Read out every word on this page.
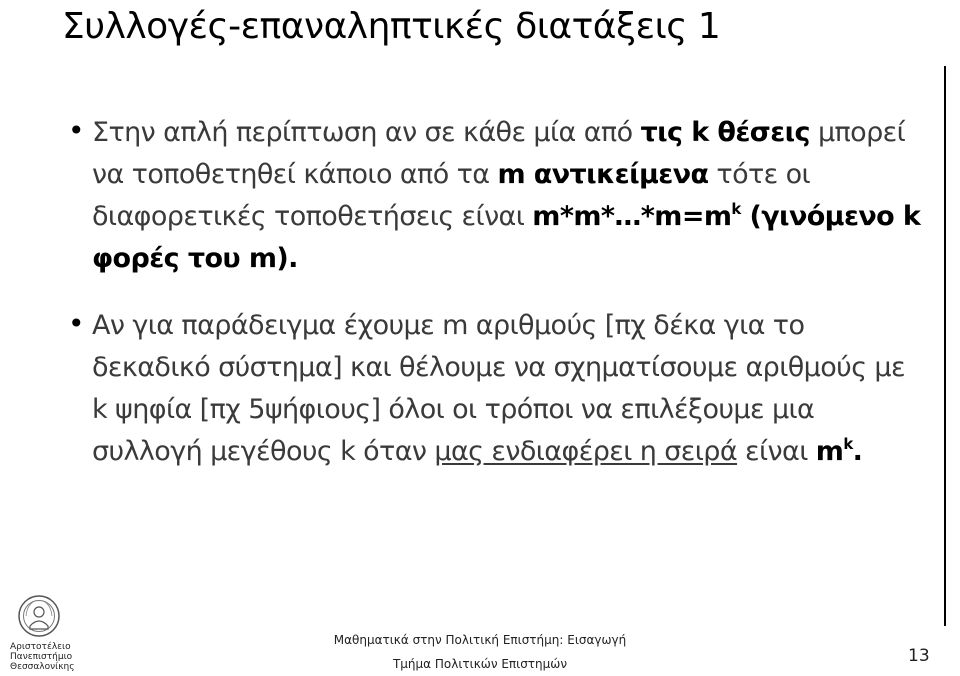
Συλλογές-επαναληπτικές διατάξεις 1
• Στην απλή περίπτωση αν σε κάθε μία από τις k θέσεις μπορεί να τοποθετηθεί κάποιο από τα m αντικείμενα τότε οι διαφορετικές τοποθετήσεις είναι $m*m*\dots*m=m^k$ (γινόμενο k φορές του m).

• Αν για παράδειγμα έχουμε m αριθμούς [πχ δέκα για το δεκαδικό σύστημα] και θέλουμε να σχηματίσουμε αριθμούς με k ψηφία [πχ 5ψήφιους] όλοι οι τρόποι να επιλέξουμε μια συλλογή μεγέθους k όταν μας ενδιαφέρει η σειρά είναι $m^k$.

Αριστοτέλειο
Πανεπιστήμιο
Θεσσαλονίκης
Μαθηματικά στην Πολιτική Επιστήμη: Εισαγωγή
Τμήμα Πολιτικών Επιστημών	13
